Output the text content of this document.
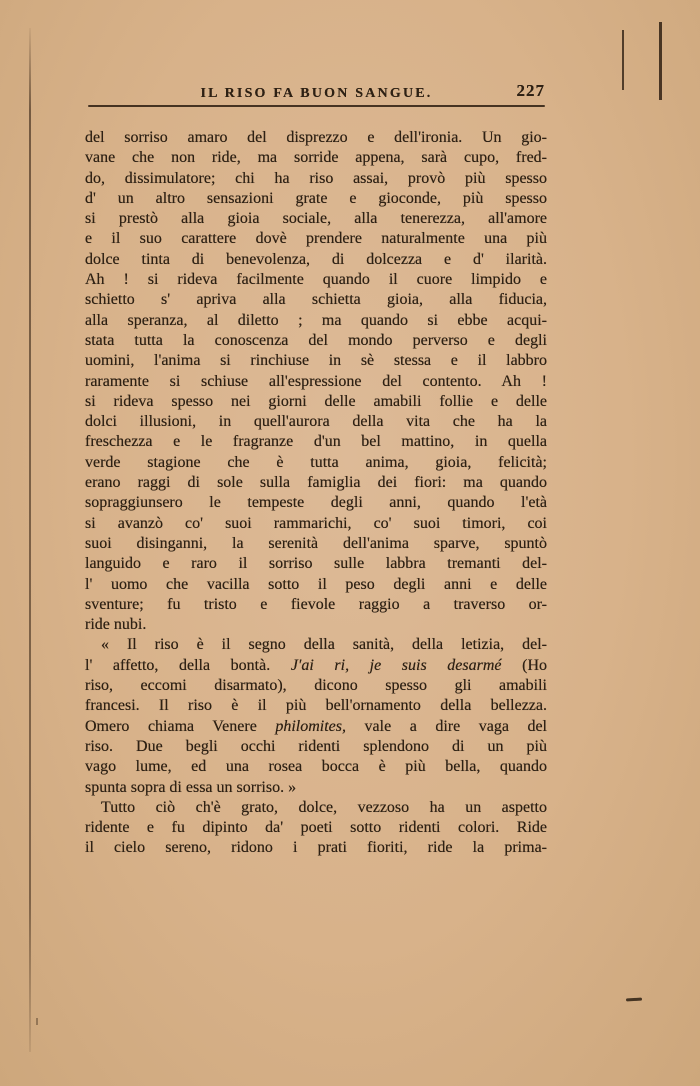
IL RISO FA BUON SANGUE.	227
del sorriso amaro del disprezzo e dell'ironia. Un gio-
vane che non ride, ma sorride appena, sarà cupo, fred-
do, dissimulatore; chi ha riso assai, provò più spesso
d' un altro sensazioni grate e gioconde, più spesso
si prestò alla gioia sociale, alla tenerezza, all'amore
e il suo carattere dovè prendere naturalmente una più
dolce tinta di benevolenza, di dolcezza e d' ilarità.
Ah ! si rideva facilmente quando il cuore limpido e
schietto s' apriva alla schietta gioia, alla fiducia,
alla speranza, al diletto ; ma quando si ebbe acqui-
stata tutta la conoscenza del mondo perverso e degli
uomini, l'anima si rinchiuse in sè stessa e il labbro
raramente si schiuse all'espressione del contento. Ah !
si rideva spesso nei giorni delle amabili follie e delle
dolci illusioni, in quell'aurora della vita che ha la
freschezza e le fragranze d'un bel mattino, in quella
verde stagione che è tutta anima, gioia, felicità;
erano raggi di sole sulla famiglia dei fiori: ma quando
sopraggiunsero le tempeste degli anni, quando l'età
si avanzò co' suoi rammarichi, co' suoi timori, coi
suoi disinganni, la serenità dell'anima sparve, spuntò
languido e raro il sorriso sulle labbra tremanti del-
l' uomo che vacilla sotto il peso degli anni e delle
sventure; fu tristo e fievole raggio a traverso or-
ride nubi.
« Il riso è il segno della sanità, della letizia, del-
l' affetto, della bontà. J'ai ri, je suis desarmé (Ho
riso, eccomi disarmato), dicono spesso gli amabili
francesi. Il riso è il più bell'ornamento della bellezza.
Omero chiama Venere philomites, vale a dire vaga del
riso. Due begli occhi ridenti splendono di un più
vago lume, ed una rosea bocca è più bella, quando
spunta sopra di essa un sorriso. »
Tutto ciò ch'è grato, dolce, vezzoso ha un aspetto
ridente e fu dipinto da' poeti sotto ridenti colori. Ride
il cielo sereno, ridono i prati fioriti, ride la prima-
